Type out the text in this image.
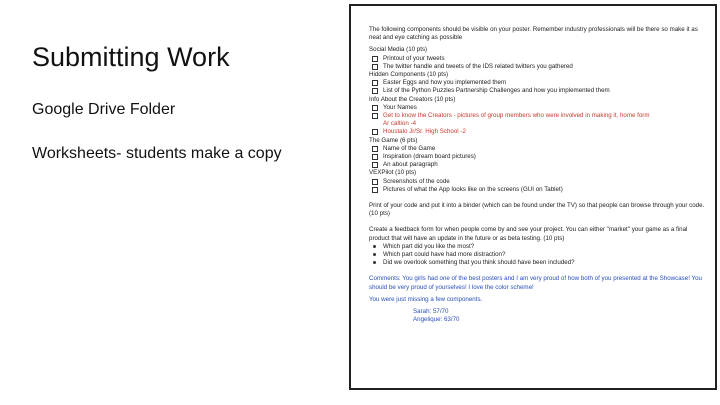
Submitting Work
Google Drive Folder
Worksheets- students make a copy

The following components should be visible on your poster. Remember industry professionals will be there so make it as neat and eye catching as possible

Social Media (10 pts)

Printout of your tweets

The twitter handle and tweets of the IDS related twitters you gathered

Hidden Components (10 pts)

Easter Eggs and how you implemented them

List of the Python Puzzles Partnership Challenges and how you implemented them

Info About the Creators (10 pts)

Your Names

Get to know the Creators - pictures of group members who were involved in making it, home form
Ar caltion -4

Houstalo Jr/Sr. High School -2

The Game (6 pts)

Name of the Game

Inspiration (dream board pictures)

An about paragraph

VEXPilot (10 pts)

Screenshots of the code

Pictures of what the App looks like on the screens (GUI on Tablet)

Print of your code and put it into a binder (which can be found under the TV) so that people can browse through your code. (10 pts)

Create a feedback form for when people come by and see your project. You can either "market" your game as a final product that will have an update in the future or as beta testing. (10 pts)

Which part did you like the most?

Which part could have had more distraction?

Did we overlook something that you think should have been included?

Comments: You girls had one of the best posters and I am very proud of how both of you presented at the Showcase! You should be very proud of yourselves! I love the color scheme!

You were just missing a few components.

Sarah: 57/70

Angelique: 63/70
